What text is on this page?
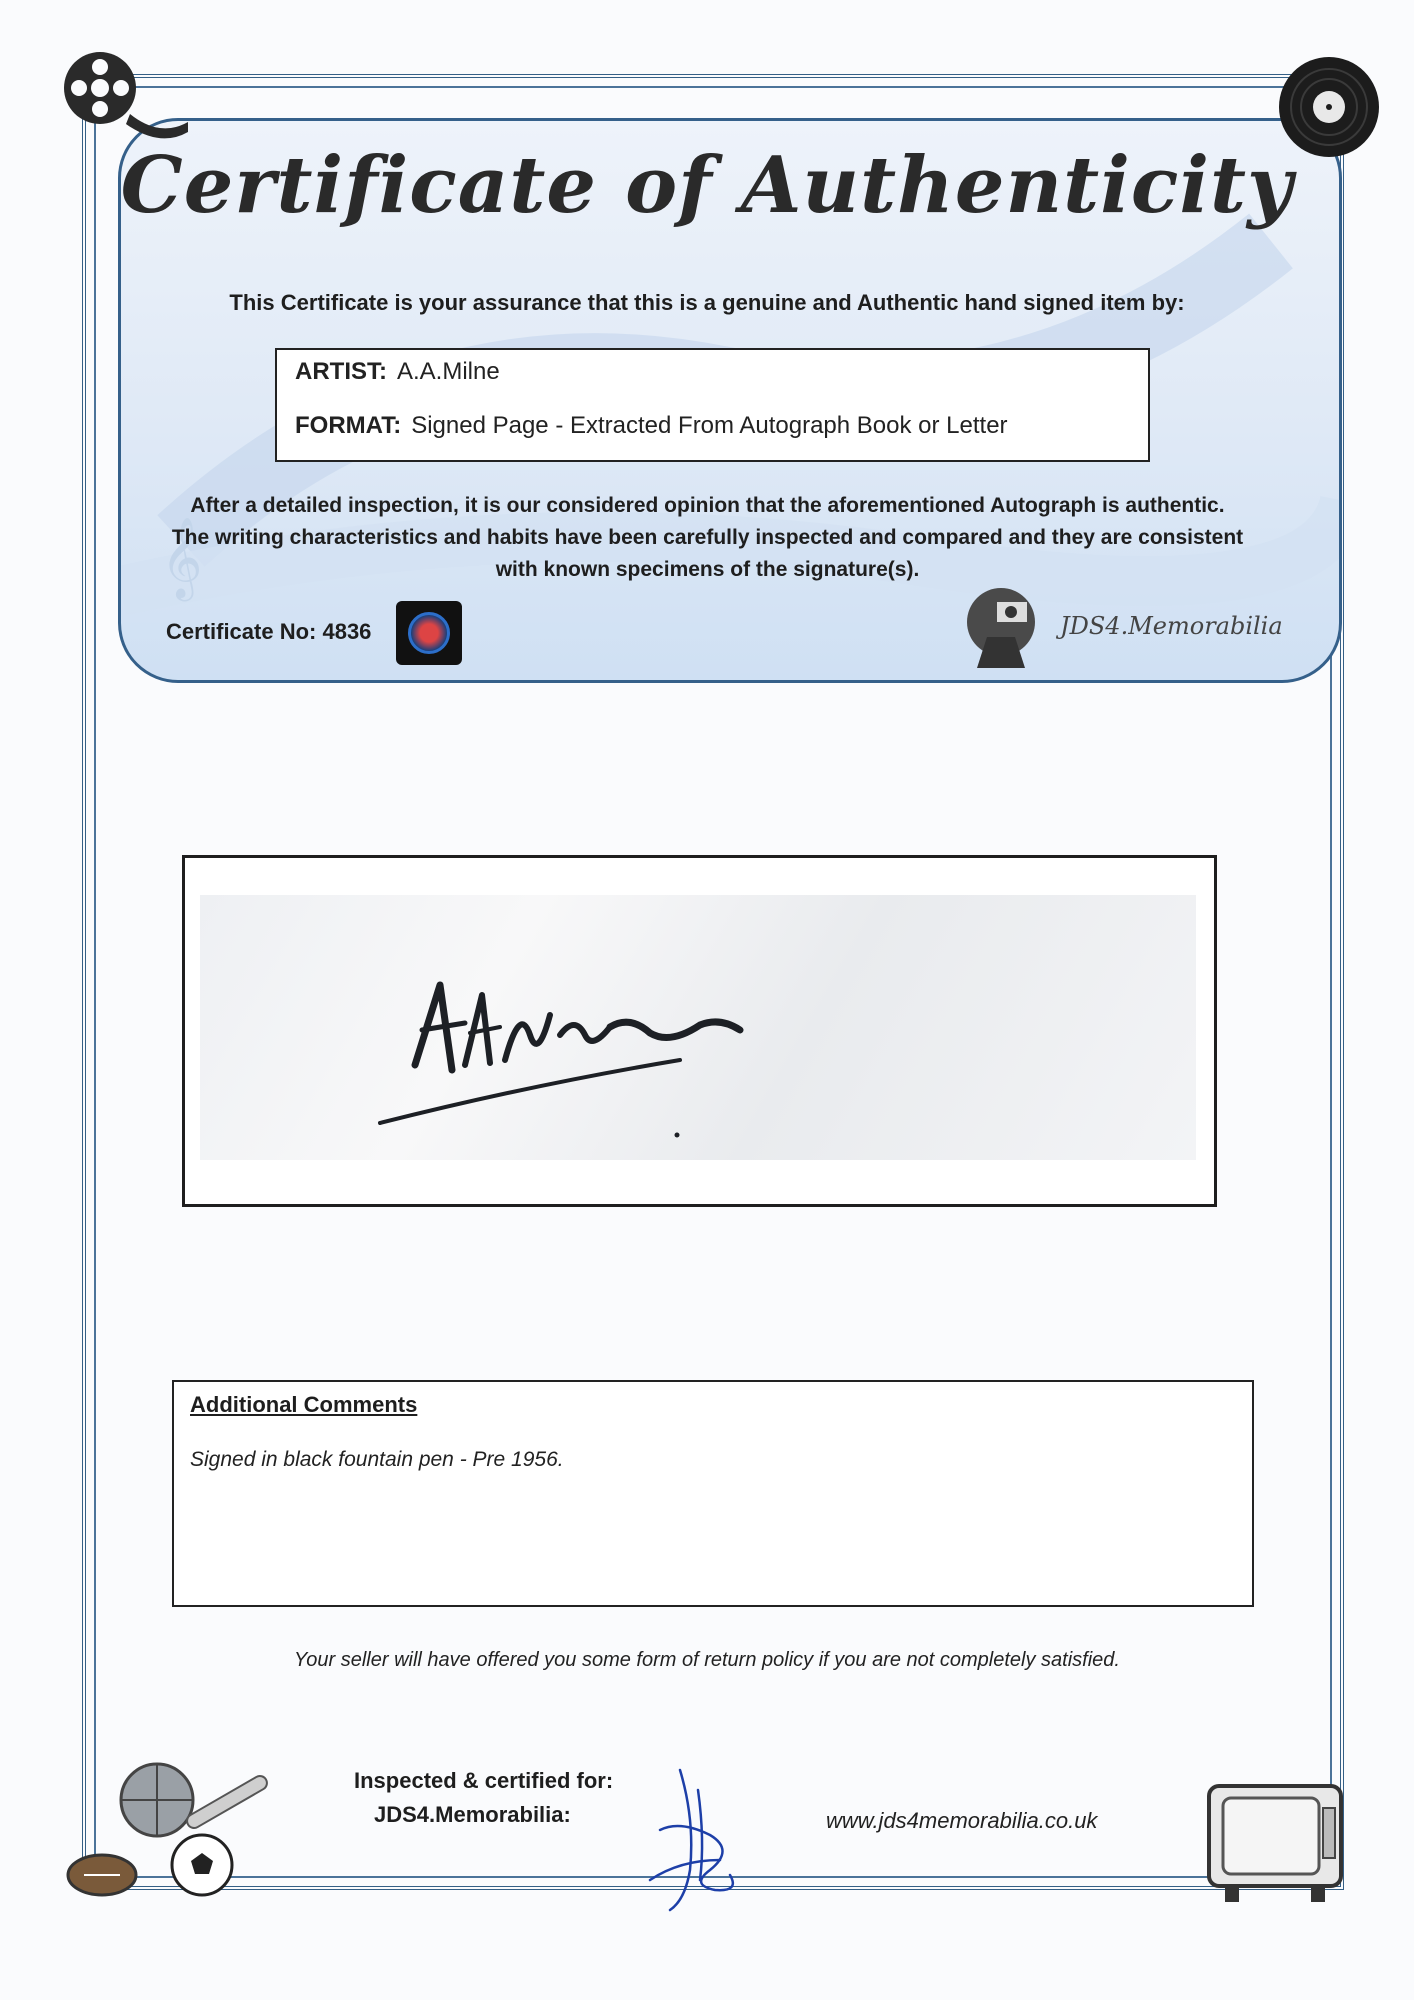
𝄞
Certificate of Authenticity
This Certificate is your assurance that this is a genuine and Authentic hand signed item by:
ARTIST: A.A.Milne
FORMAT: Signed Page - Extracted From Autograph Book or Letter
After a detailed inspection, it is our considered opinion that the aforementioned Autograph is authentic.
The writing characteristics and habits have been carefully inspected and compared and they are consistent
with known specimens of the signature(s).
Certificate No: 4836	JDS4.Memorabilia
Additional Comments
Signed in black fountain pen - Pre 1956.
Your seller will have offered you some form of return policy if you are not completely satisfied.
Inspected & certified for:
JDS4.Memorabilia:	www.jds4memorabilia.co.uk
